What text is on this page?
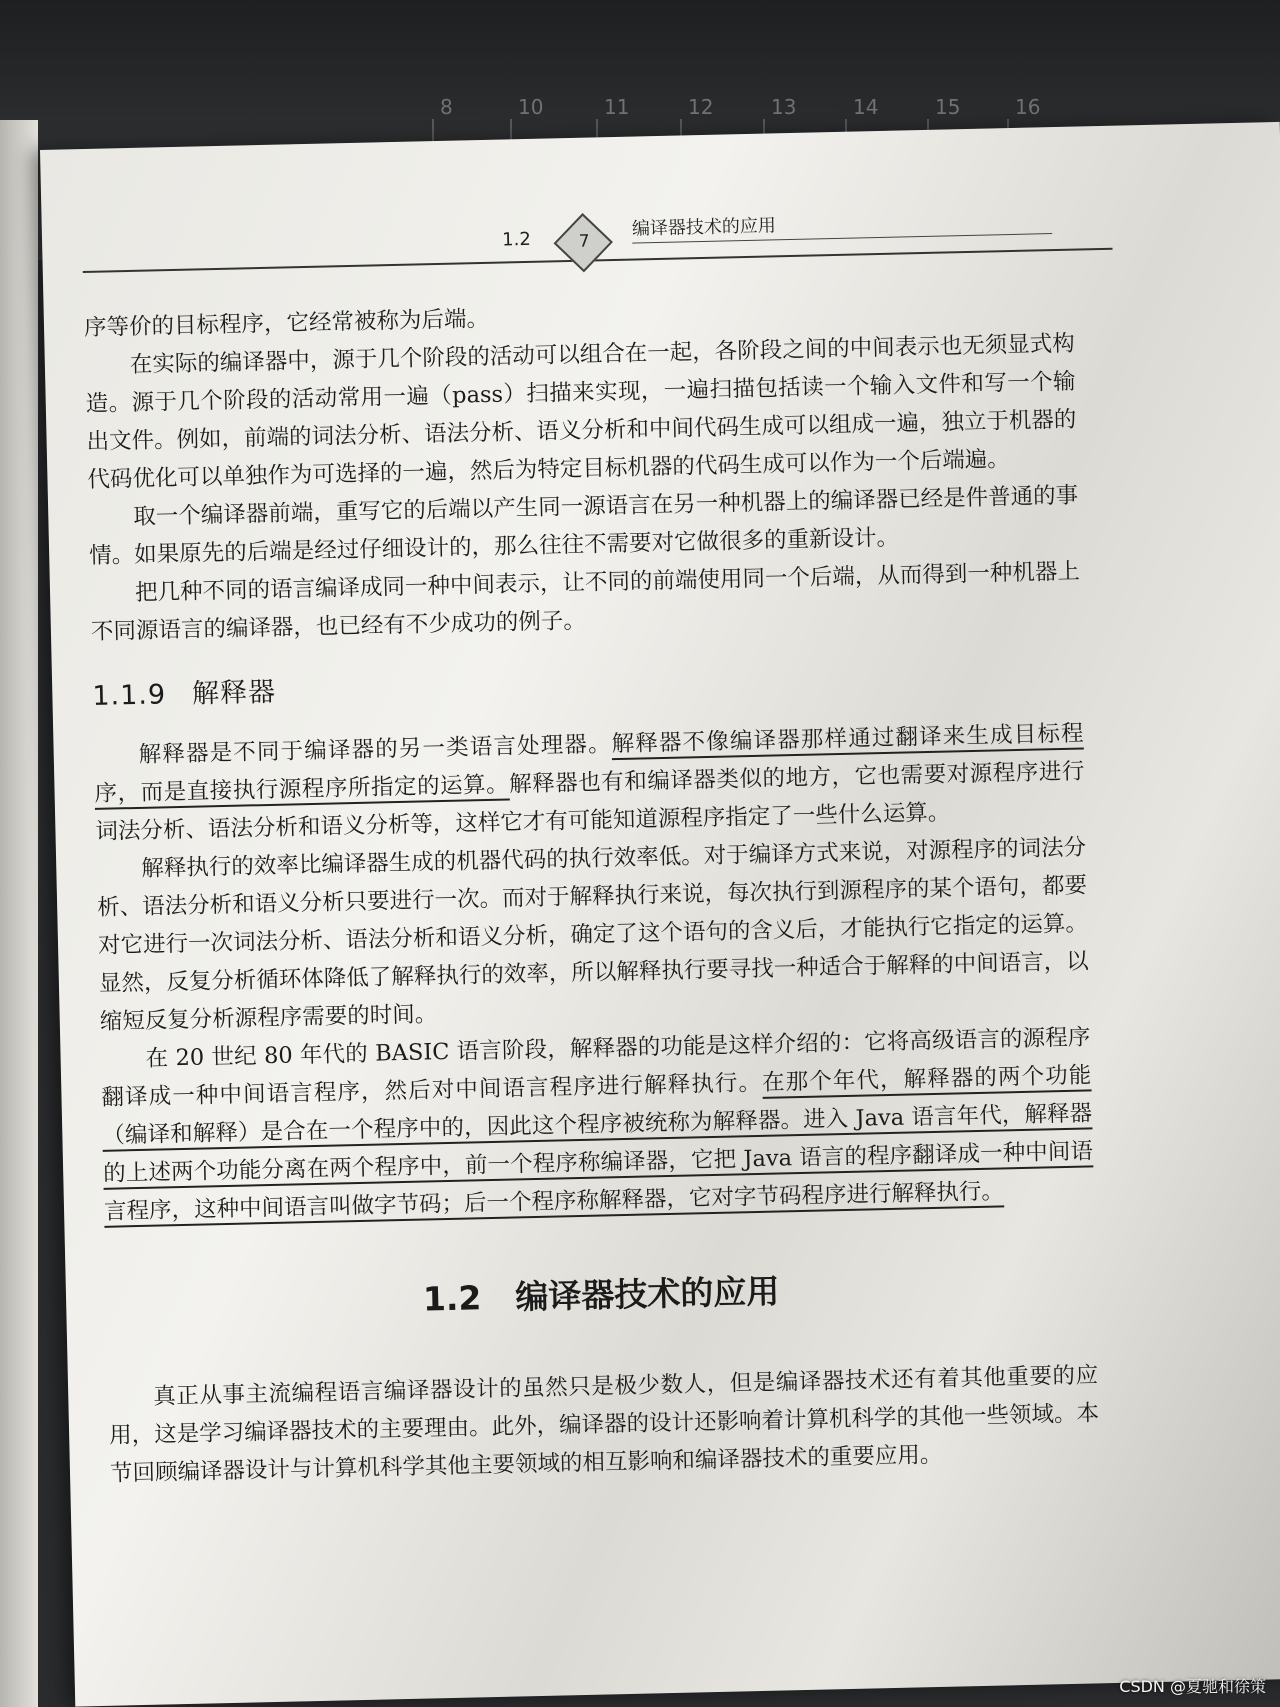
8	10	11	12	13	14	15	16
1.2	7
编译器技术的应用

序等价的目标程序，它经常被称为后端。

在实际的编译器中，源于几个阶段的活动可以组合在一起，各阶段之间的中间表示也无须显式构造。源于几个阶段的活动常用一遍（pass）扫描来实现，一遍扫描包括读一个输入文件和写一个输出文件。例如，前端的词法分析、语法分析、语义分析和中间代码生成可以组成一遍，独立于机器的代码优化可以单独作为可选择的一遍，然后为特定目标机器的代码生成可以作为一个后端遍。

取一个编译器前端，重写它的后端以产生同一源语言在另一种机器上的编译器已经是件普通的事情。如果原先的后端是经过仔细设计的，那么往往不需要对它做很多的重新设计。

把几种不同的语言编译成同一种中间表示，让不同的前端使用同一个后端，从而得到一种机器上不同源语言的编译器，也已经有不少成功的例子。

1.1.9 解释器

解释器是不同于编译器的另一类语言处理器。解释器不像编译器那样通过翻译来生成目标程序，而是直接执行源程序所指定的运算。解释器也有和编译器类似的地方，它也需要对源程序进行词法分析、语法分析和语义分析等，这样它才有可能知道源程序指定了一些什么运算。

解释执行的效率比编译器生成的机器代码的执行效率低。对于编译方式来说，对源程序的词法分析、语法分析和语义分析只要进行一次。而对于解释执行来说，每次执行到源程序的某个语句，都要对它进行一次词法分析、语法分析和语义分析，确定了这个语句的含义后，才能执行它指定的运算。显然，反复分析循环体降低了解释执行的效率，所以解释执行要寻找一种适合于解释的中间语言，以缩短反复分析源程序需要的时间。

在 20 世纪 80 年代的 BASIC 语言阶段，解释器的功能是这样介绍的：它将高级语言的源程序翻译成一种中间语言程序，然后对中间语言程序进行解释执行。在那个年代，解释器的两个功能（编译和解释）是合在一个程序中的，因此这个程序被统称为解释器。进入 Java 语言年代，解释器的上述两个功能分离在两个程序中，前一个程序称编译器，它把 Java 语言的程序翻译成一种中间语言程序，这种中间语言叫做字节码；后一个程序称解释器，它对字节码程序进行解释执行。

1.2 编译器技术的应用

真正从事主流编程语言编译器设计的虽然只是极少数人，但是编译器技术还有着其他重要的应用，这是学习编译器技术的主要理由。此外，编译器的设计还影响着计算机科学的其他一些领域。本节回顾编译器设计与计算机科学其他主要领域的相互影响和编译器技术的重要应用。

CSDN @夏驰和徐策
